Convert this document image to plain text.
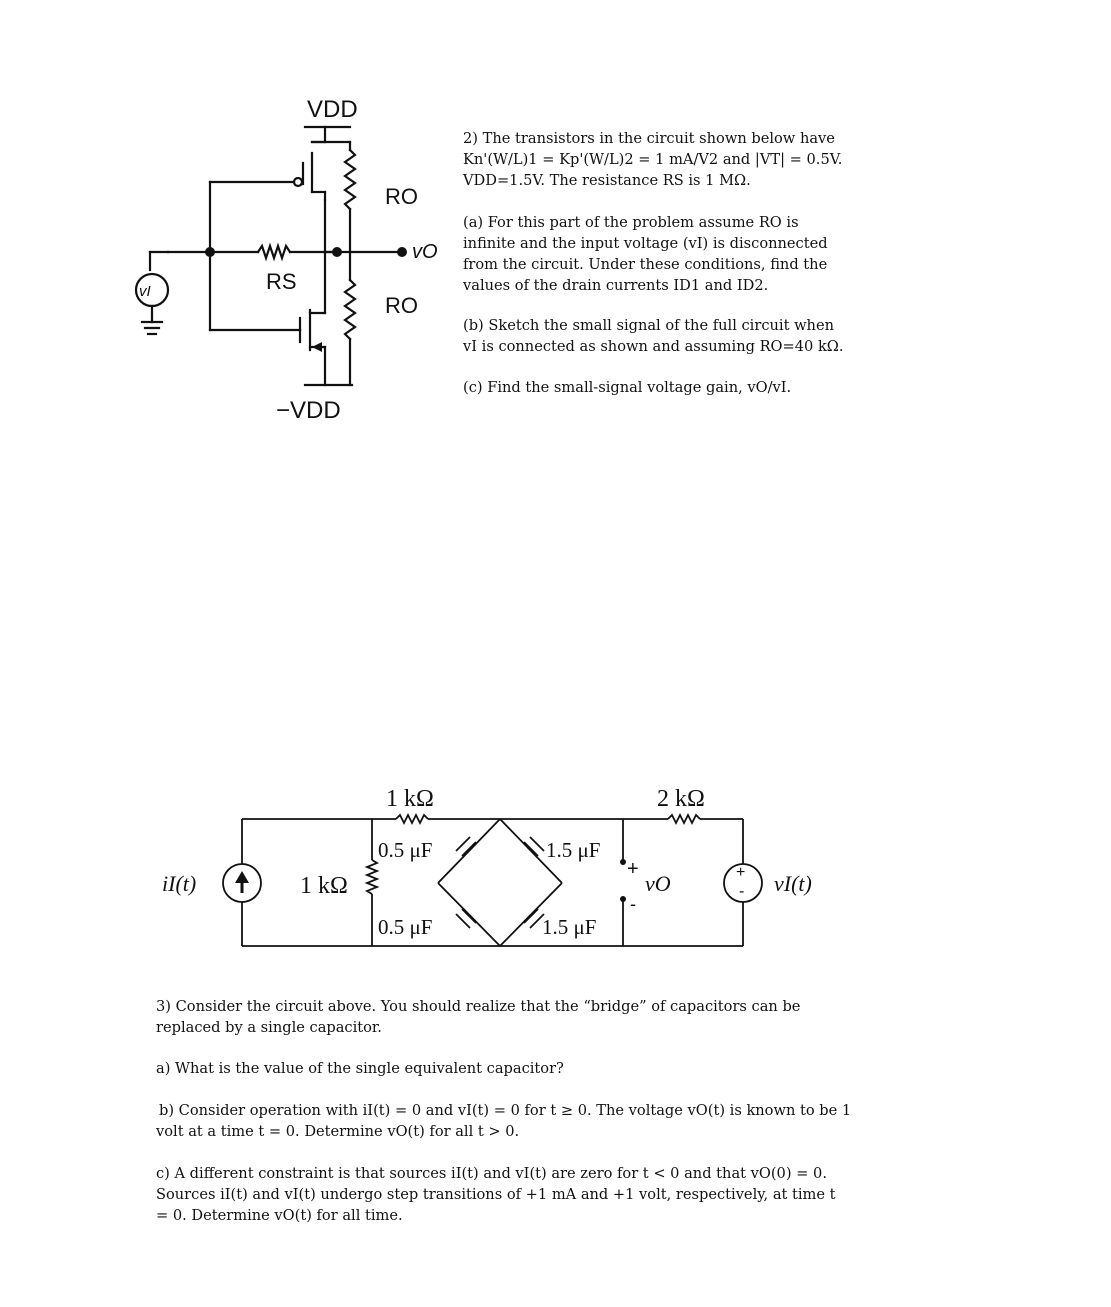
VDD
−VDD
RO
RO
RS
vO
vI
2) The transistors in the circuit shown below have
Kn'(W/L)1 = Kp'(W/L)2 = 1 mA/V2 and |VT| = 0.5V.
VDD=1.5V. The resistance RS is 1 MΩ.
(a) For this part of the problem assume RO is
infinite and the input voltage (vI) is disconnected
from the circuit. Under these conditions, find the
values of the drain currents ID1 and ID2.
(b) Sketch the small signal of the full circuit when
vI is connected as shown and assuming RO=40 kΩ.
(c) Find the small-signal voltage gain, vO/vI.
1 kΩ	2 kΩ
1 kΩ
0.5 μF	1.5 μF
0.5 μF	1.5 μF
iI(t)	vI(t)
vO
+
-
+
-
3) Consider the circuit above. You should realize that the “bridge” of capacitors can be
replaced by a single capacitor.
a) What is the value of the single equivalent capacitor?
b) Consider operation with iI(t) = 0 and vI(t) = 0 for t ≥ 0. The voltage vO(t) is known to be 1
volt at a time t = 0. Determine vO(t) for all t > 0.
c) A different constraint is that sources iI(t) and vI(t) are zero for t < 0 and that vO(0) = 0.
Sources iI(t) and vI(t) undergo step transitions of +1 mA and +1 volt, respectively, at time t
= 0. Determine vO(t) for all time.
